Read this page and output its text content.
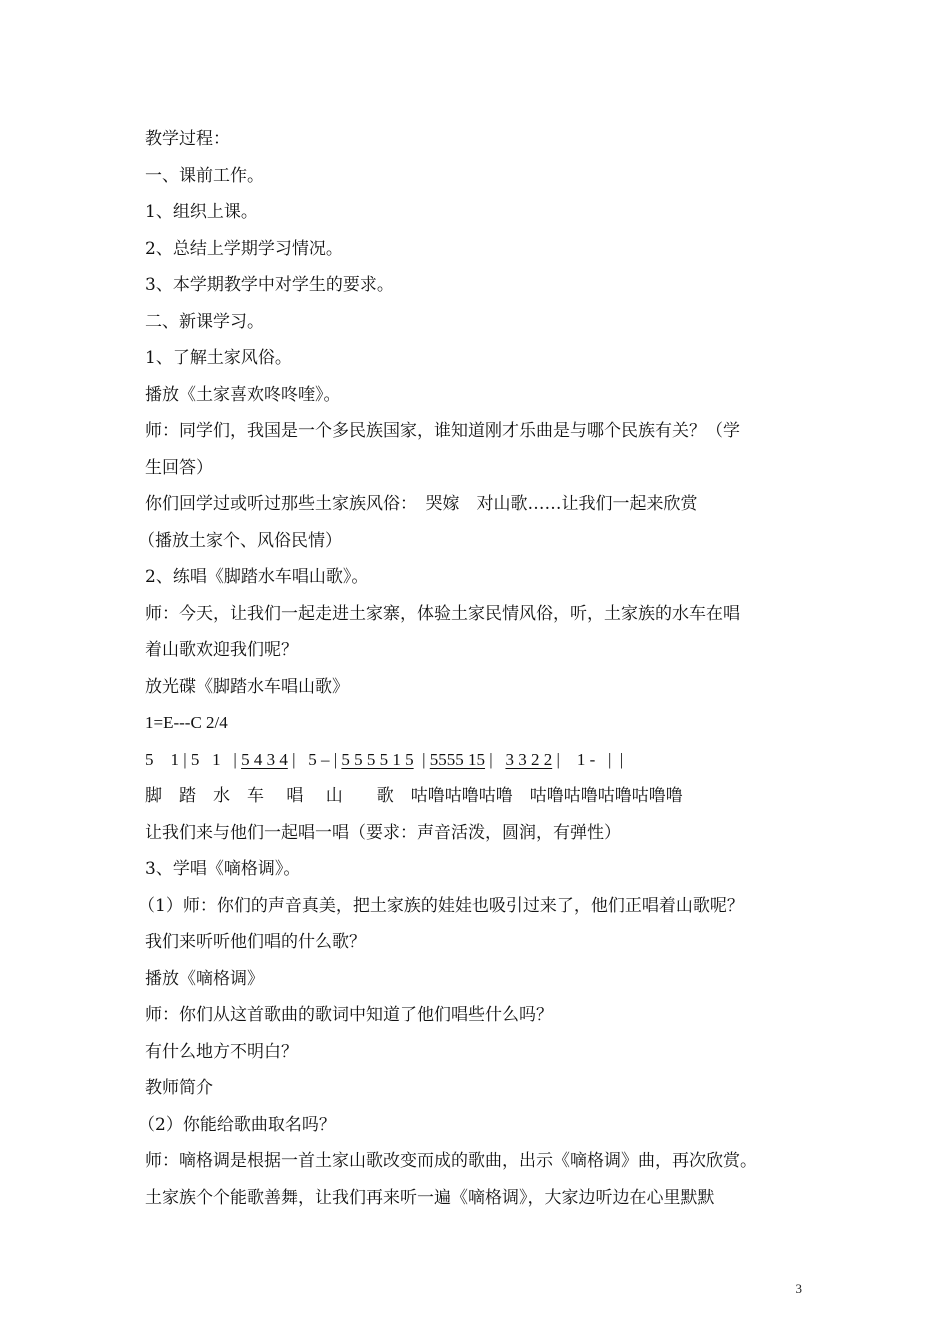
教学过程：
一、课前工作。
1、组织上课。
2、总结上学期学习情况。
3、本学期教学中对学生的要求。
二、新课学习。
1、了解土家风俗。
播放《土家喜欢咚咚喹》。
师：同学们，我国是一个多民族国家，谁知道刚才乐曲是与哪个民族有关？（学
生回答）
你们回学过或听过那些土家族风俗：　哭嫁　对山歌……让我们一起来欣赏
（播放土家个、风俗民情）
2、练唱《脚踏水车唱山歌》。
师：今天，让我们一起走进土家寨，体验土家民情风俗，听，土家族的水车在唱
着山歌欢迎我们呢？
放光碟《脚踏水车唱山歌》
1=E---C 2/4
5    1 | 5   1   | 5 4 3 4 |   5 – | 5 5 5 5 1 5  | 5555 15 |   3 3 2 2 |    1 -   |  |
脚　踏　水　车　 唱　 山　　歌　咕噜咕噜咕噜　咕噜咕噜咕噜咕噜噜
让我们来与他们一起唱一唱（要求：声音活泼，圆润，有弹性）
3、学唱《嘀格调》。
（1）师：你们的声音真美，把土家族的娃娃也吸引过来了，他们正唱着山歌呢？
我们来听听他们唱的什么歌？
播放《嘀格调》
师：你们从这首歌曲的歌词中知道了他们唱些什么吗？
有什么地方不明白？
教师简介
（2）你能给歌曲取名吗？
师：嘀格调是根据一首土家山歌改变而成的歌曲，出示《嘀格调》曲，再次欣赏。
土家族个个能歌善舞，让我们再来听一遍《嘀格调》，大家边听边在心里默默
3
